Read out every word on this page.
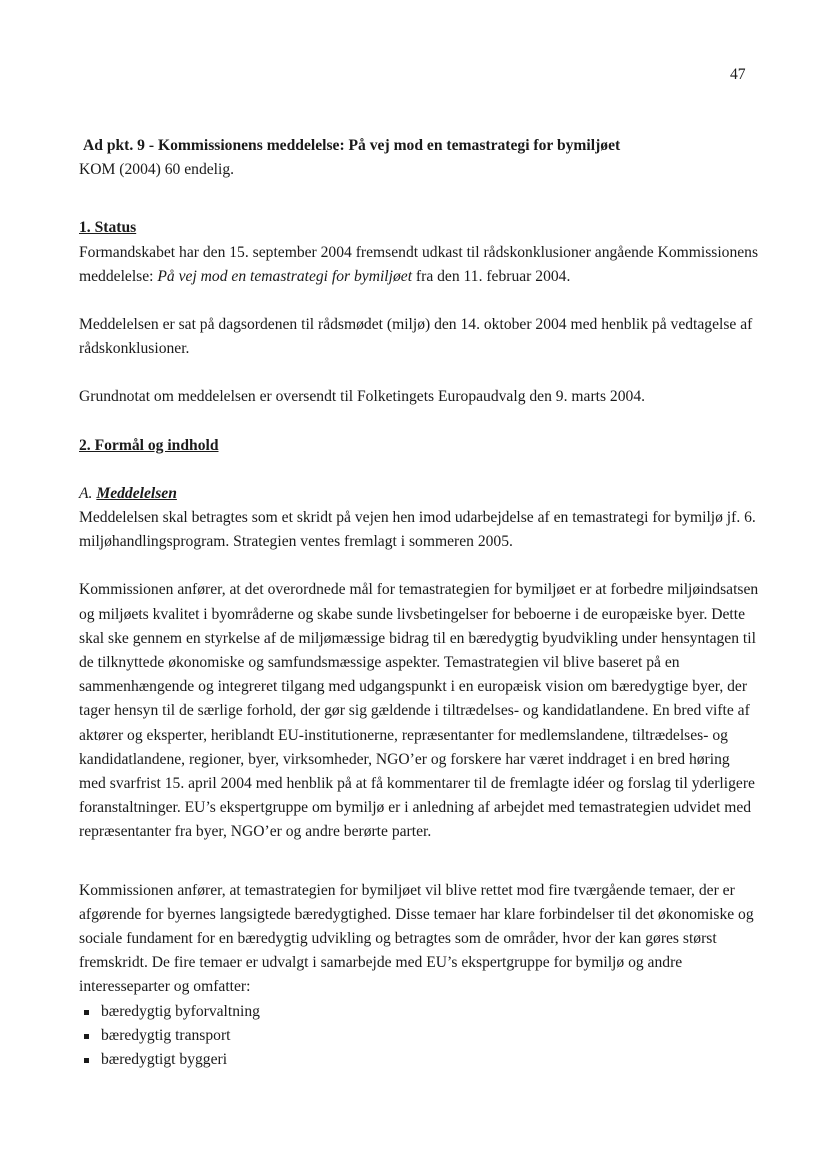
47
Ad pkt. 9 - Kommissionens meddelelse: På vej mod en temastrategi for bymiljøet
KOM (2004) 60 endelig.
1. Status

Formandskabet har den 15. september 2004 fremsendt udkast til rådskonklusioner angående Kommissionens meddelelse: På vej mod en temastrategi for bymiljøet fra den 11. februar 2004.

Meddelelsen er sat på dagsordenen til rådsmødet (miljø) den 14. oktober 2004 med henblik på vedtagelse af rådskonklusioner.

Grundnotat om meddelelsen er oversendt til Folketingets Europaudvalg den 9. marts 2004.

2. Formål og indhold
A. Meddelelsen

Meddelelsen skal betragtes som et skridt på vejen hen imod udarbejdelse af en temastrategi for bymiljø jf. 6. miljøhandlingsprogram. Strategien ventes fremlagt i sommeren 2005.

Kommissionen anfører, at det overordnede mål for temastrategien for bymiljøet er at forbedre miljøindsatsen og miljøets kvalitet i byområderne og skabe sunde livsbetingelser for beboerne i de europæiske byer. Dette skal ske gennem en styrkelse af de miljømæssige bidrag til en bæredygtig byudvikling under hensyntagen til de tilknyttede økonomiske og samfundsmæssige aspekter. Temastrategien vil blive baseret på en sammenhængende og integreret tilgang med udgangspunkt i en europæisk vision om bæredygtige byer, der tager hensyn til de særlige forhold, der gør sig gældende i tiltrædelses- og kandidatlandene. En bred vifte af aktører og eksperter, heriblandt EU-institutionerne, repræsentanter for medlemslandene, tiltrædelses- og kandidatlandene, regioner, byer, virksomheder, NGO’er og forskere har været inddraget i en bred høring med svarfrist 15. april 2004 med henblik på at få kommentarer til de fremlagte idéer og forslag til yderligere foranstaltninger. EU’s ekspertgruppe om bymiljø er i anledning af arbejdet med temastrategien udvidet med repræsentanter fra byer, NGO’er og andre berørte parter.

Kommissionen anfører, at temastrategien for bymiljøet vil blive rettet mod fire tværgående temaer, der er afgørende for byernes langsigtede bæredygtighed. Disse temaer har klare forbindelser til det økonomiske og sociale fundament for en bæredygtig udvikling og betragtes som de områder, hvor der kan gøres størst fremskridt. De fire temaer er udvalgt i samarbejde med EU’s ekspertgruppe for bymiljø og andre interesseparter og omfatter:

bæredygtig byforvaltning
bæredygtig transport
bæredygtigt byggeri
